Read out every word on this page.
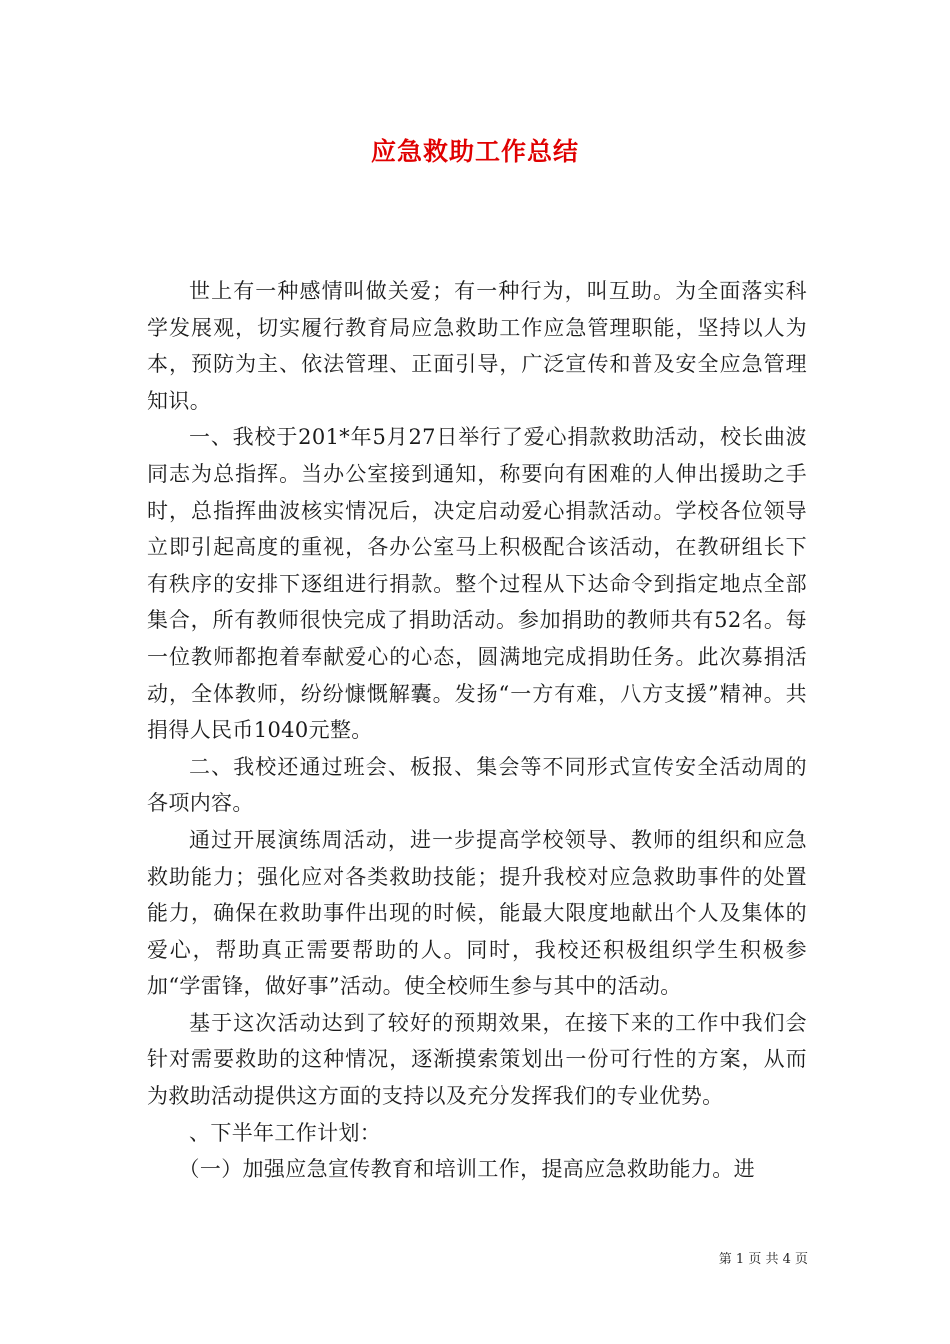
应急救助工作总结

世上有一种感情叫做关爱；有一种行为，叫互助。为全面落实科学发展观，切实履行教育局应急救助工作应急管理职能，坚持以人为本，预防为主、依法管理、正面引导，广泛宣传和普及安全应急管理知识。

一、我校于201*年5月27日举行了爱心捐款救助活动，校长曲波同志为总指挥。当办公室接到通知，称要向有困难的人伸出援助之手时，总指挥曲波核实情况后，决定启动爱心捐款活动。学校各位领导立即引起高度的重视，各办公室马上积极配合该活动，在教研组长下有秩序的安排下逐组进行捐款。整个过程从下达命令到指定地点全部集合，所有教师很快完成了捐助活动。参加捐助的教师共有52名。每一位教师都抱着奉献爱心的心态，圆满地完成捐助任务。此次募捐活动，全体教师，纷纷慷慨解囊。发扬“一方有难，八方支援”精神。共捐得人民币1040元整。

二、我校还通过班会、板报、集会等不同形式宣传安全活动周的各项内容。

通过开展演练周活动，进一步提高学校领导、教师的组织和应急救助能力；强化应对各类救助技能；提升我校对应急救助事件的处置能力，确保在救助事件出现的时候，能最大限度地献出个人及集体的爱心，帮助真正需要帮助的人。同时，我校还积极组织学生积极参加“学雷锋，做好事”活动。使全校师生参与其中的活动。

基于这次活动达到了较好的预期效果，在接下来的工作中我们会针对需要救助的这种情况，逐渐摸索策划出一份可行性的方案，从而为救助活动提供这方面的支持以及充分发挥我们的专业优势。

、下半年工作计划：

（一）加强应急宣传教育和培训工作，提高应急救助能力。进

第 1 页 共 4 页
